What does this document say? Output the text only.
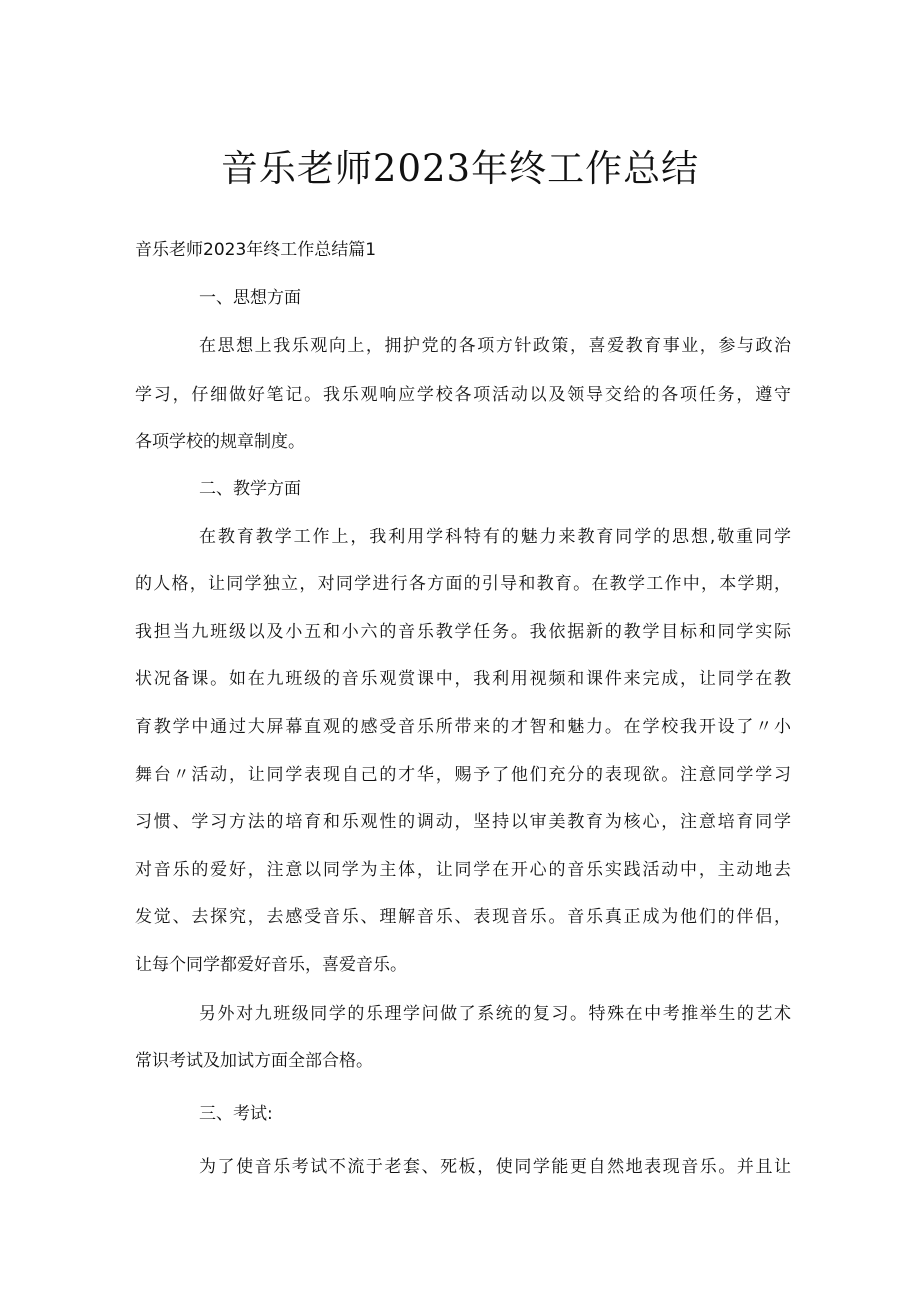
音乐老师2023年终工作总结

音乐老师2023年终工作总结篇1

一、思想方面

在思想上我乐观向上，拥护党的各项方针政策，喜爱教育事业，参与政治

学习，仔细做好笔记。我乐观响应学校各项活动以及领导交给的各项任务，遵守

各项学校的规章制度。

二、教学方面

在教育教学工作上，我利用学科特有的魅力来教育同学的思想,敬重同学

的人格，让同学独立，对同学进行各方面的引导和教育。在教学工作中，本学期，

我担当九班级以及小五和小六的音乐教学任务。我依据新的教学目标和同学实际

状况备课。如在九班级的音乐观赏课中，我利用视频和课件来完成，让同学在教

育教学中通过大屏幕直观的感受音乐所带来的才智和魅力。在学校我开设了〃小

舞台〃活动，让同学表现自己的才华，赐予了他们充分的表现欲。注意同学学习

习惯、学习方法的培育和乐观性的调动，坚持以审美教育为核心，注意培育同学

对音乐的爱好，注意以同学为主体，让同学在开心的音乐实践活动中，主动地去

发觉、去探究，去感受音乐、理解音乐、表现音乐。音乐真正成为他们的伴侣，

让每个同学都爱好音乐，喜爱音乐。

另外对九班级同学的乐理学问做了系统的复习。特殊在中考推举生的艺术

常识考试及加试方面全部合格。

三、考试:

为了使音乐考试不流于老套、死板，使同学能更自然地表现音乐。并且让
